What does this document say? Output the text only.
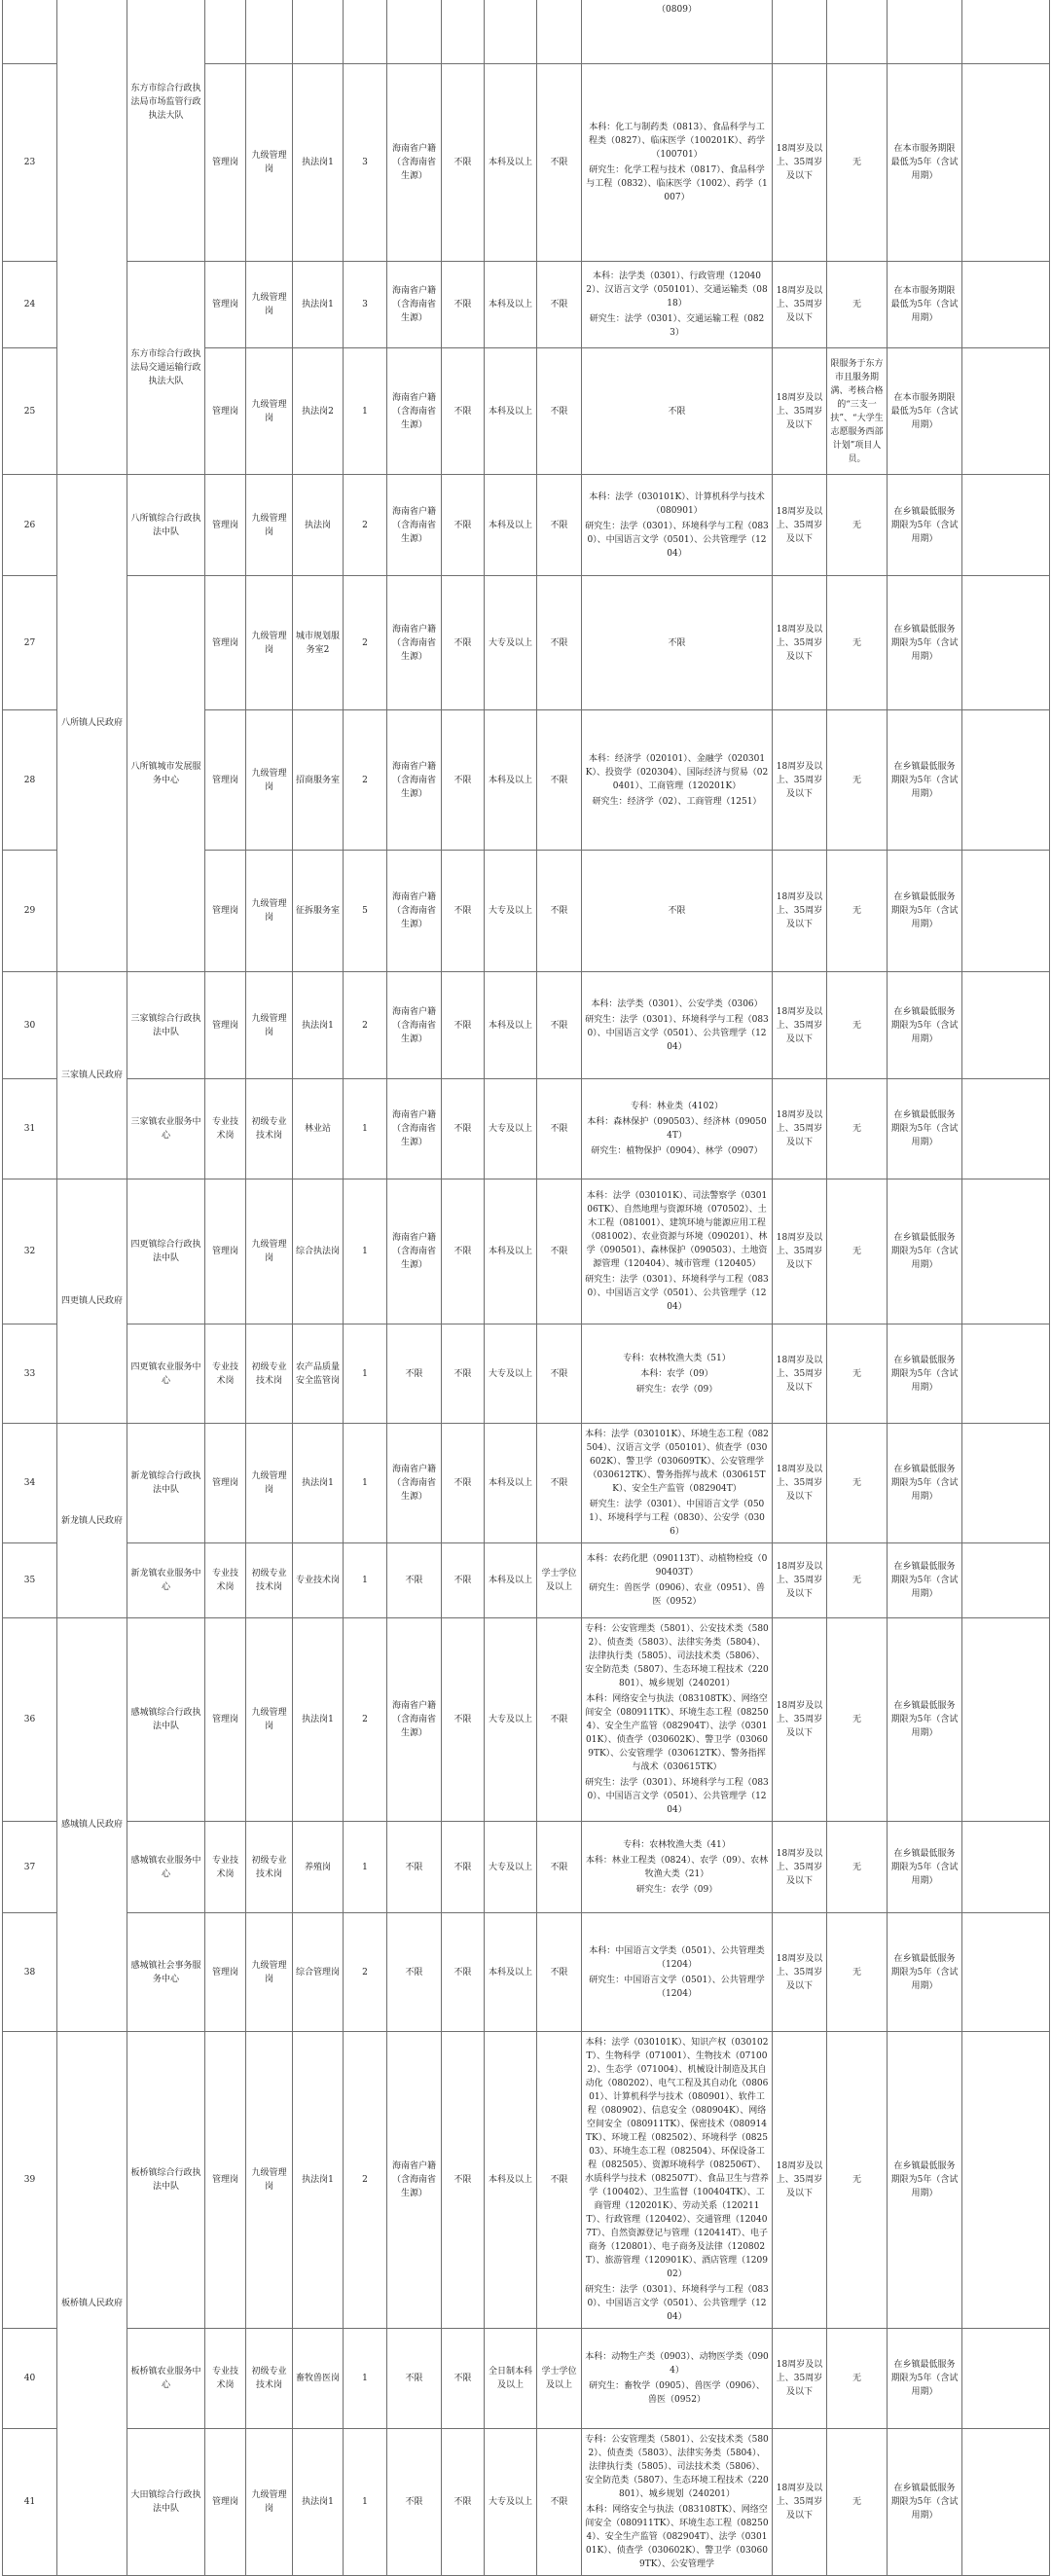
		东方市综合行政执法局市场监管行政执法大队									（0809）				

23			管理岗	九级管理岗	执法岗1	3	海南省户籍（含海南省生源）	不限	本科及以上	不限	本科：化工与制药类（0813）、食品科学与工程类（0827）、临床医学（100201K）、药学（100701）

研究生：化学工程与技术（0817）、食品科学与工程（0832）、临床医学（1002）、药学（1007）	18周岁及以上、35周岁及以下	无	在本市服务期限最低为5年（含试用期）	
24		东方市综合行政执法局交通运输行政执法大队	管理岗	九级管理岗	执法岗1	3	海南省户籍（含海南省生源）	不限	本科及以上	不限	本科：法学类（0301）、行政管理（120402）、汉语言文学（050101）、交通运输类（0818）

研究生：法学（0301）、交通运输工程（0823）	18周岁及以上、35周岁及以下	无	在本市服务期限最低为5年（含试用期）	
25			管理岗	九级管理岗	执法岗2	1	海南省户籍（含海南省生源）	不限	本科及以上	不限	不限	18周岁及以上、35周岁及以下	限服务于东方市且服务期满、考核合格的“三支一扶”、“大学生志愿服务西部计划”项目人员。	在本市服务期限最低为5年（含试用期）	
26	八所镇人民政府	八所镇综合行政执法中队	管理岗	九级管理岗	执法岗	2	海南省户籍（含海南省生源）	不限	本科及以上	不限	本科：法学（030101K）、计算机科学与技术（080901）

研究生：法学（0301）、环境科学与工程（0830）、中国语言文学（0501）、公共管理学（1204）	18周岁及以上、35周岁及以下	无	在乡镇最低服务期限为5年（含试用期）	
27		八所镇城市发展服务中心	管理岗	九级管理岗	城市规划服务室2	2	海南省户籍（含海南省生源）	不限	大专及以上	不限	不限	18周岁及以上、35周岁及以下	无	在乡镇最低服务期限为5年（含试用期）	
28			管理岗	九级管理岗	招商服务室	2	海南省户籍（含海南省生源）	不限	本科及以上	不限	本科：经济学（020101）、金融学（020301K）、投资学（020304）、国际经济与贸易（020401）、工商管理（120201K）

研究生：经济学（02）、工商管理（1251）	18周岁及以上、35周岁及以下	无	在乡镇最低服务期限为5年（含试用期）	
29			管理岗	九级管理岗	征拆服务室	5	海南省户籍（含海南省生源）	不限	大专及以上	不限	不限	18周岁及以上、35周岁及以下	无	在乡镇最低服务期限为5年（含试用期）	
30	三家镇人民政府	三家镇综合行政执法中队	管理岗	九级管理岗	执法岗1	2	海南省户籍（含海南省生源）	不限	本科及以上	不限	本科：法学类（0301）、公安学类（0306）

研究生：法学（0301）、环境科学与工程（0830）、中国语言文学（0501）、公共管理学（1204）	18周岁及以上、35周岁及以下	无	在乡镇最低服务期限为5年（含试用期）	
31		三家镇农业服务中心	专业技术岗	初级专业技术岗	林业站	1	海南省户籍（含海南省生源）	不限	大专及以上	不限	专科：林业类（4102）

本科：森林保护（090503）、经济林（090504T）

研究生：植物保护（0904）、林学（0907）	18周岁及以上、35周岁及以下	无	在乡镇最低服务期限为5年（含试用期）	
32	四更镇人民政府	四更镇综合行政执法中队	管理岗	九级管理岗	综合执法岗	1	海南省户籍（含海南省生源）	不限	本科及以上	不限	本科：法学（030101K）、司法警察学（030106TK）、自然地理与资源环境（070502）、土木工程（081001）、建筑环境与能源应用工程（081002）、农业资源与环境（090201）、林学（090501）、森林保护（090503）、土地资源管理（120404）、城市管理（120405）

研究生：法学（0301）、环境科学与工程（0830）、中国语言文学（0501）、公共管理学（1204）	18周岁及以上、35周岁及以下	无	在乡镇最低服务期限为5年（含试用期）	
33		四更镇农业服务中心	专业技术岗	初级专业技术岗	农产品质量安全监管岗	1	不限	不限	大专及以上	不限	专科：农林牧渔大类（51）

本科：农学（09）

研究生：农学（09）	18周岁及以上、35周岁及以下	无	在乡镇最低服务期限为5年（含试用期）	
34	新龙镇人民政府	新龙镇综合行政执法中队	管理岗	九级管理岗	执法岗1	1	海南省户籍（含海南省生源）	不限	本科及以上	不限	本科：法学（030101K）、环境生态工程（082504）、汉语言文学（050101）、侦查学（030602K）、警卫学（030609TK）、公安管理学（030612TK）、警务指挥与战术（030615TK）、安全生产监管（082904T）

研究生：法学（0301）、中国语言文学（0501）、环境科学与工程（0830）、公安学（0306）	18周岁及以上、35周岁及以下	无	在乡镇最低服务期限为5年（含试用期）	
35		新龙镇农业服务中心	专业技术岗	初级专业技术岗	专业技术岗	1	不限	不限	本科及以上	学士学位及以上	本科：农药化肥（090113T）、动植物检疫（090403T）

研究生：兽医学（0906）、农业（0951）、兽医（0952）	18周岁及以上、35周岁及以下	无	在乡镇最低服务期限为5年（含试用期）	
36	感城镇人民政府	感城镇综合行政执法中队	管理岗	九级管理岗	执法岗1	2	海南省户籍（含海南省生源）	不限	大专及以上	不限	专科：公安管理类（5801）、公安技术类（5802）、侦查类（5803）、法律实务类（5804）、法律执行类（5805）、司法技术类（5806）、安全防范类（5807）、生态环境工程技术（220801）、城乡规划（240201）

本科：网络安全与执法（083108TK）、网络空间安全（080911TK）、环境生态工程（082504）、安全生产监管（082904T）、法学（030101K）、侦查学（030602K）、警卫学（030609TK）、公安管理学（030612TK）、警务指挥与战术（030615TK）

研究生：法学（0301）、环境科学与工程（0830）、中国语言文学（0501）、公共管理学（1204）	18周岁及以上、35周岁及以下	无	在乡镇最低服务期限为5年（含试用期）	
37		感城镇农业服务中心	专业技术岗	初级专业技术岗	养殖岗	1	不限	不限	大专及以上	不限	专科：农林牧渔大类（41）

本科：林业工程类（0824）、农学（09）、农林牧渔大类（21）

研究生：农学（09）	18周岁及以上、35周岁及以下	无	在乡镇最低服务期限为5年（含试用期）	
38		感城镇社会事务服务中心	管理岗	九级管理岗	综合管理岗	2	不限	不限	本科及以上	不限	本科：中国语言文学类（0501）、公共管理类（1204）

研究生：中国语言文学（0501）、公共管理学（1204）	18周岁及以上、35周岁及以下	无	在乡镇最低服务期限为5年（含试用期）	
39	板桥镇人民政府	板桥镇综合行政执法中队	管理岗	九级管理岗	执法岗1	2	海南省户籍（含海南省生源）	不限	本科及以上	不限	本科：法学（030101K）、知识产权（030102T）、生物科学（071001）、生物技术（071002）、生态学（071004）、机械设计制造及其自动化（080202）、电气工程及其自动化（080601）、计算机科学与技术（080901）、软件工程（080902）、信息安全（080904K）、网络空间安全（080911TK）、保密技术（080914TK）、环境工程（082502）、环境科学（082503）、环境生态工程（082504）、环保设备工程（082505）、资源环境科学（082506T）、水质科学与技术（082507T）、食品卫生与营养学（100402）、卫生监督（100404TK）、工商管理（120201K）、劳动关系（120211T）、行政管理（120402）、交通管理（120407T）、自然资源登记与管理（120414T）、电子商务（120801）、电子商务及法律（120802T）、旅游管理（120901K）、酒店管理（120902）

研究生：法学（0301）、环境科学与工程（0830）、中国语言文学（0501）、公共管理学（1204）	18周岁及以上、35周岁及以下	无	在乡镇最低服务期限为5年（含试用期）	
40		板桥镇农业服务中心	专业技术岗	初级专业技术岗	畜牧兽医岗	1	不限	不限	全日制本科及以上	学士学位及以上	本科：动物生产类（0903）、动物医学类（0904）

研究生：畜牧学（0905）、兽医学（0906）、兽医（0952）	18周岁及以上、35周岁及以下	无	在乡镇最低服务期限为5年（含试用期）	
41		大田镇综合行政执法中队	管理岗	九级管理岗	执法岗1	1	不限	不限	大专及以上	不限	专科：公安管理类（5801）、公安技术类（5802）、侦查类（5803）、法律实务类（5804）、法律执行类（5805）、司法技术类（5806）、安全防范类（5807）、生态环境工程技术（220801）、城乡规划（240201）

本科：网络安全与执法（083108TK）、网络空间安全（080911TK）、环境生态工程（082504）、安全生产监管（082904T）、法学（030101K）、侦查学（030602K）、警卫学（030609TK）、公安管理学	18周岁及以上、35周岁及以下	无	在乡镇最低服务期限为5年（含试用期）	
